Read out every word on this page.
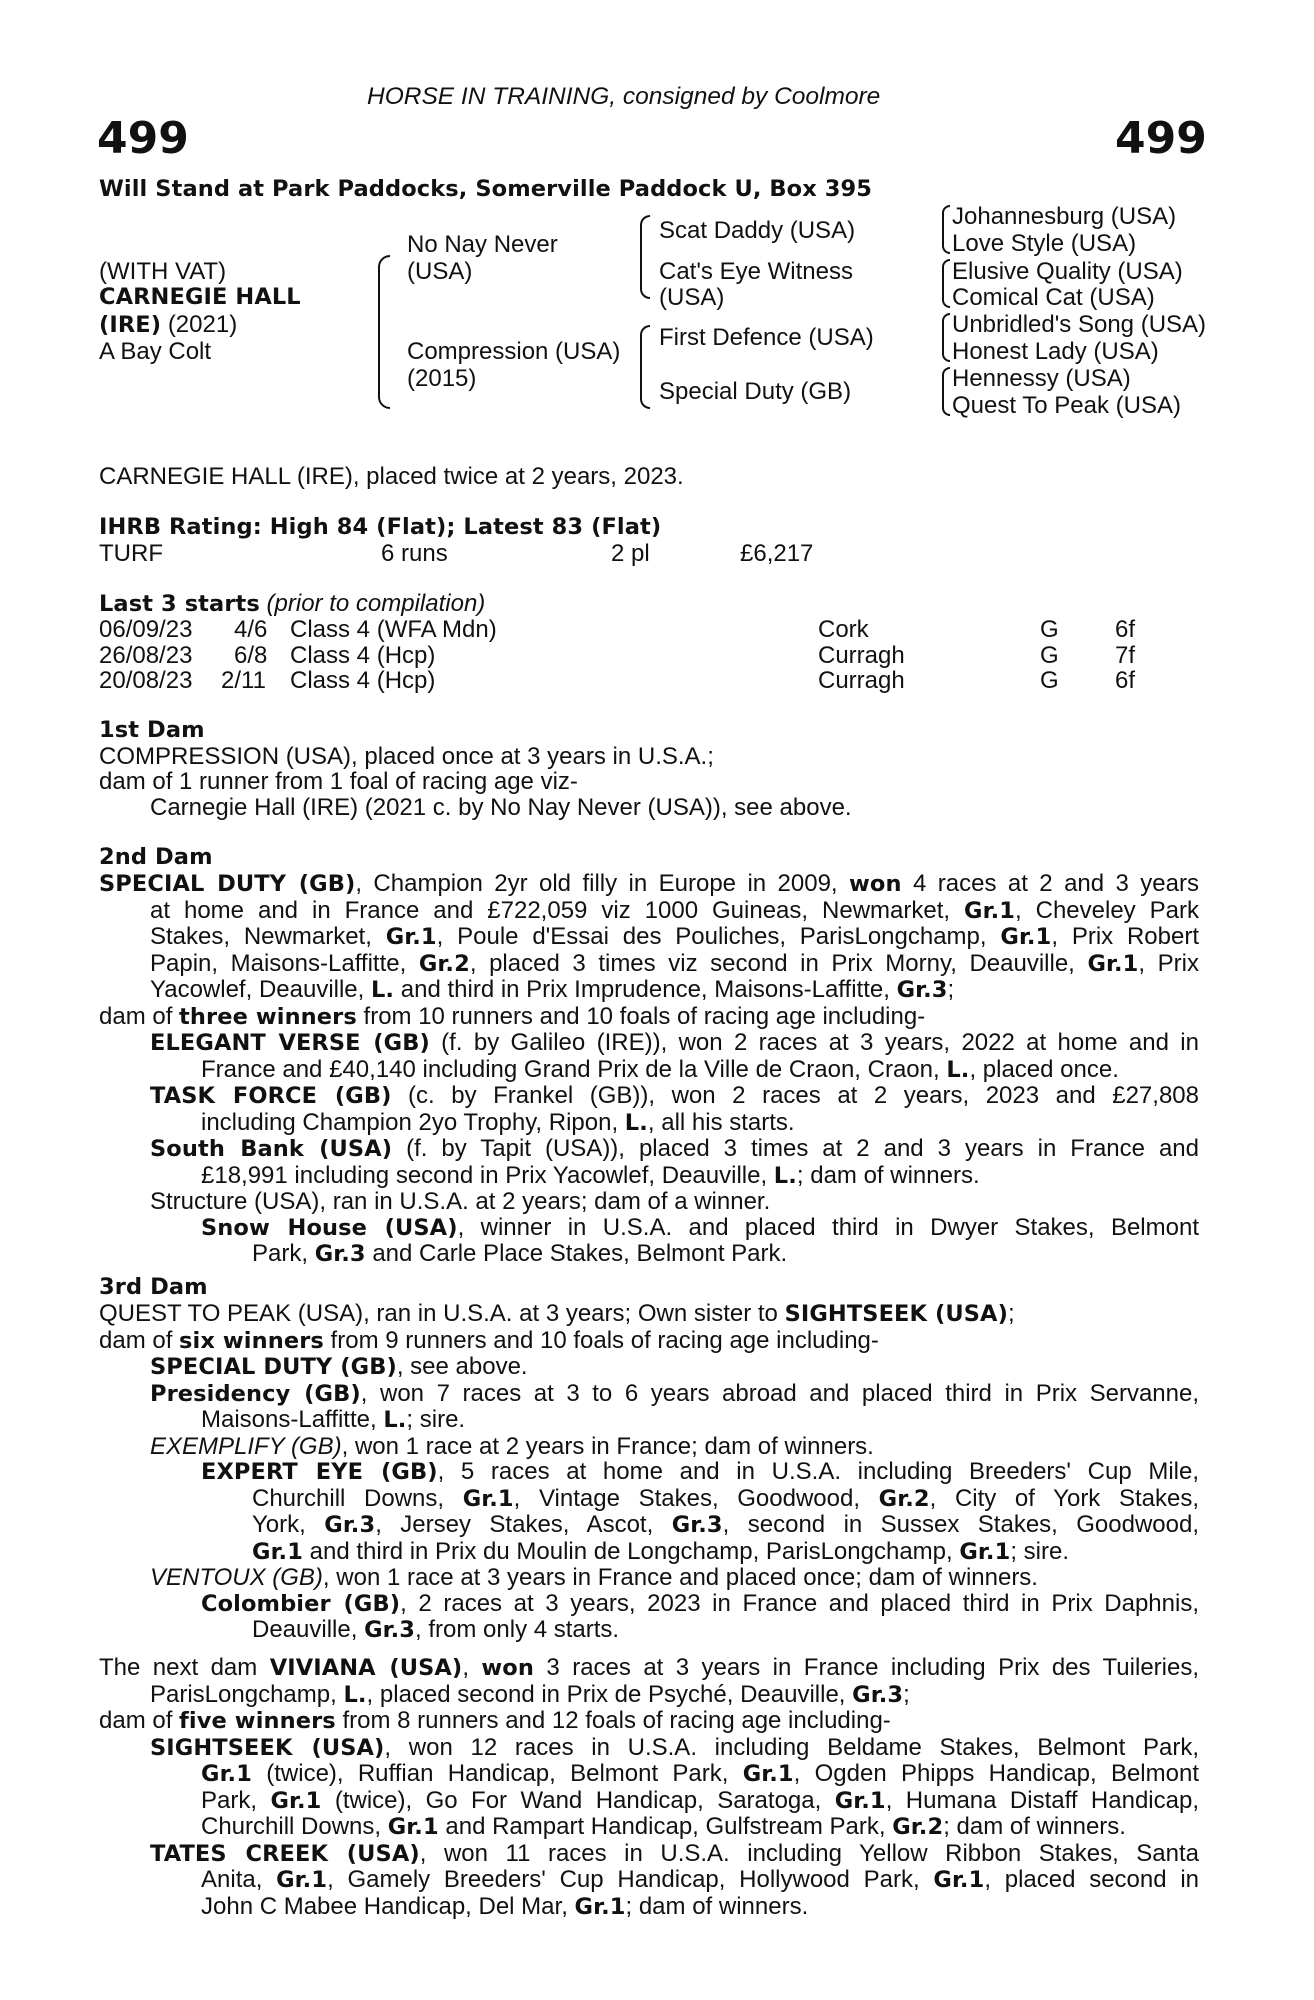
HORSE IN TRAINING, consigned by Coolmore
499	499
Will Stand at Park Paddocks, Somerville Paddock U, Box 395
(WITH VAT)
CARNEGIE HALL
(IRE) (2021)
A Bay Colt
No Nay Never
(USA)
Compression (USA)
(2015)
Scat Daddy (USA)
Cat's Eye Witness
(USA)
First Defence (USA)
Special Duty (GB)
Johannesburg (USA)
Love Style (USA)
Elusive Quality (USA)
Comical Cat (USA)
Unbridled's Song (USA)
Honest Lady (USA)
Hennessy (USA)
Quest To Peak (USA)
CARNEGIE HALL (IRE), placed twice at 2 years, 2023.
IHRB Rating: High 84 (Flat); Latest 83 (Flat)
TURF	6 runs	2 pl	£6,217
Last 3 starts (prior to compilation)
06/09/23 4/6 Class 4 (WFA Mdn)	Cork	G 6f
26/08/23 6/8 Class 4 (Hcp)	Curragh	G 7f
20/08/23 2/11 Class 4 (Hcp)	Curragh	G 6f
1st Dam
COMPRESSION (USA), placed once at 3 years in U.S.A.;
dam of 1 runner from 1 foal of racing age viz-
Carnegie Hall (IRE) (2021 c. by No Nay Never (USA)), see above.
2nd Dam
SPECIAL DUTY (GB), Champion 2yr old filly in Europe in 2009, won 4 races at 2 and 3 years
at home and in France and £722,059 viz 1000 Guineas, Newmarket, Gr.1, Cheveley Park
Stakes, Newmarket, Gr.1, Poule d'Essai des Pouliches, ParisLongchamp, Gr.1, Prix Robert
Papin, Maisons-Laffitte, Gr.2, placed 3 times viz second in Prix Morny, Deauville, Gr.1, Prix
Yacowlef, Deauville, L. and third in Prix Imprudence, Maisons-Laffitte, Gr.3;
dam of three winners from 10 runners and 10 foals of racing age including-
ELEGANT VERSE (GB) (f. by Galileo (IRE)), won 2 races at 3 years, 2022 at home and in
France and £40,140 including Grand Prix de la Ville de Craon, Craon, L., placed once.
TASK FORCE (GB) (c. by Frankel (GB)), won 2 races at 2 years, 2023 and £27,808
including Champion 2yo Trophy, Ripon, L., all his starts.
South Bank (USA) (f. by Tapit (USA)), placed 3 times at 2 and 3 years in France and
£18,991 including second in Prix Yacowlef, Deauville, L.; dam of winners.
Structure (USA), ran in U.S.A. at 2 years; dam of a winner.
Snow House (USA), winner in U.S.A. and placed third in Dwyer Stakes, Belmont
Park, Gr.3 and Carle Place Stakes, Belmont Park.
3rd Dam
QUEST TO PEAK (USA), ran in U.S.A. at 3 years; Own sister to SIGHTSEEK (USA);
dam of six winners from 9 runners and 10 foals of racing age including-
SPECIAL DUTY (GB), see above.
Presidency (GB), won 7 races at 3 to 6 years abroad and placed third in Prix Servanne,
Maisons-Laffitte, L.; sire.
EXEMPLIFY (GB), won 1 race at 2 years in France; dam of winners.
EXPERT EYE (GB), 5 races at home and in U.S.A. including Breeders' Cup Mile,
Churchill Downs, Gr.1, Vintage Stakes, Goodwood, Gr.2, City of York Stakes,
York, Gr.3, Jersey Stakes, Ascot, Gr.3, second in Sussex Stakes, Goodwood,
Gr.1 and third in Prix du Moulin de Longchamp, ParisLongchamp, Gr.1; sire.
VENTOUX (GB), won 1 race at 3 years in France and placed once; dam of winners.
Colombier (GB), 2 races at 3 years, 2023 in France and placed third in Prix Daphnis,
Deauville, Gr.3, from only 4 starts.
The next dam VIVIANA (USA), won 3 races at 3 years in France including Prix des Tuileries,
ParisLongchamp, L., placed second in Prix de Psyché, Deauville, Gr.3;
dam of five winners from 8 runners and 12 foals of racing age including-
SIGHTSEEK (USA), won 12 races in U.S.A. including Beldame Stakes, Belmont Park,
Gr.1 (twice), Ruffian Handicap, Belmont Park, Gr.1, Ogden Phipps Handicap, Belmont
Park, Gr.1 (twice), Go For Wand Handicap, Saratoga, Gr.1, Humana Distaff Handicap,
Churchill Downs, Gr.1 and Rampart Handicap, Gulfstream Park, Gr.2; dam of winners.
TATES CREEK (USA), won 11 races in U.S.A. including Yellow Ribbon Stakes, Santa
Anita, Gr.1, Gamely Breeders' Cup Handicap, Hollywood Park, Gr.1, placed second in
John C Mabee Handicap, Del Mar, Gr.1; dam of winners.
